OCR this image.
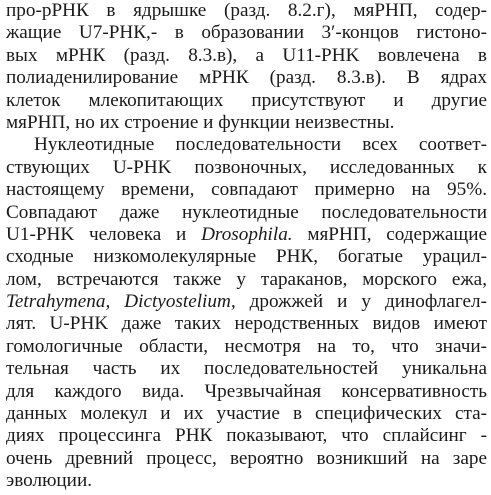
про-рРНК в ядрышке (разд. 8.2.г), мяРНП, содер-
жащие U7-РНК,- в образовании 3′-концов гистоно-
вых мРНК (разд. 8.3.в), а U11-PHK вовлечена в
полиаденилирование мРНК (разд. 8.3.в). В ядрах
клеток млекопитающих присутствуют и другие
мяРНП, но их строение и функции неизвестны.
Нуклеотидные последовательности всех соответ-
ствующих U-PHK позвоночных, исследованных к
настоящему времени, совпадают примерно на 95%.
Совпадают даже нуклеотидные последовательности
U1-PHK человека и Drosophila. мяРНП, содержащие
сходные низкомолекулярные РНК, богатые урацил-
лом, встречаются также у тараканов, морского ежа,
Tetrahymena, Dictyostelium, дрожжей и у динофлагел-
лят. U-PHK даже таких неродственных видов имеют
гомологичные области, несмотря на то, что значи-
тельная часть их последовательностей уникальна
для каждого вида. Чрезвычайная консервативность
данных молекул и их участие в специфических ста-
диях процессинга РНК показывают, что сплайсинг -
очень древний процесс, вероятно возникший на заре
эволюции.
